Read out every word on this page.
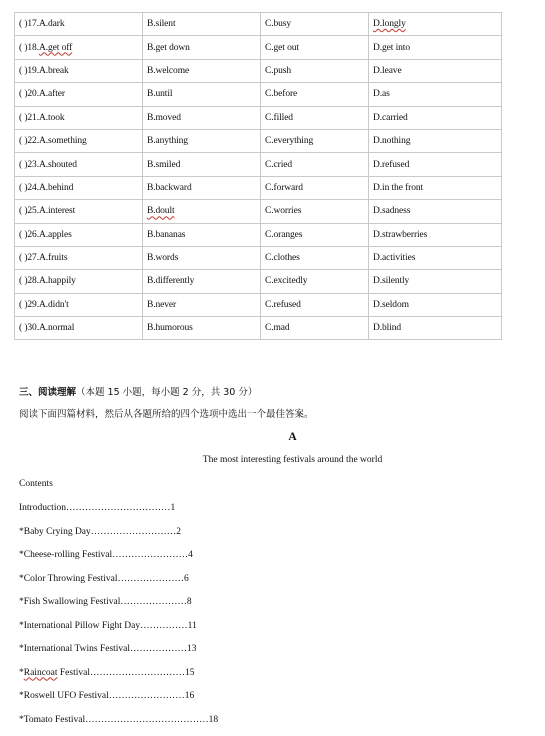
( )17.A.dark	B.silent	C.busy	D.longly
( )18.A.get off	B.get down	C.get out	D.get into
( )19.A.break	B.welcome	C.push	D.leave
( )20.A.after	B.until	C.before	D.as
( )21.A.took	B.moved	C.filled	D.carried
( )22.A.something	B.anything	C.everything	D.nothing
( )23.A.shouted	B.smiled	C.cried	D.refused
( )24.A.behind	B.backward	C.forward	D.in the front
( )25.A.interest	B.doult	C.worries	D.sadness
( )26.A.apples	B.bananas	C.oranges	D.strawberries
( )27.A.fruits	B.words	C.clothes	D.activities
( )28.A.happily	B.differently	C.excitedly	D.silently
( )29.A.didn't	B.never	C.refused	D.seldom
( )30.A.normal	B.humorous	C.mad	D.blind
三、阅读理解（本题 15 小题，每小题 2 分，共 30 分）
阅读下面四篇材料，然后从各题所给的四个选项中选出一个最佳答案。
A
The most interesting festivals around the world
Contents
Introduction……………………………1
*Baby Crying Day………………………2
*Cheese-rolling Festival……………………4
*Color Throwing Festival…………………6
*Fish Swallowing Festival…………………8
*International Pillow Fight Day……………11
*International Twins Festival………………13
*Raincoat Festival…………………………15
*Roswell UFO Festival……………………16
*Tomato Festival…………………………………18
